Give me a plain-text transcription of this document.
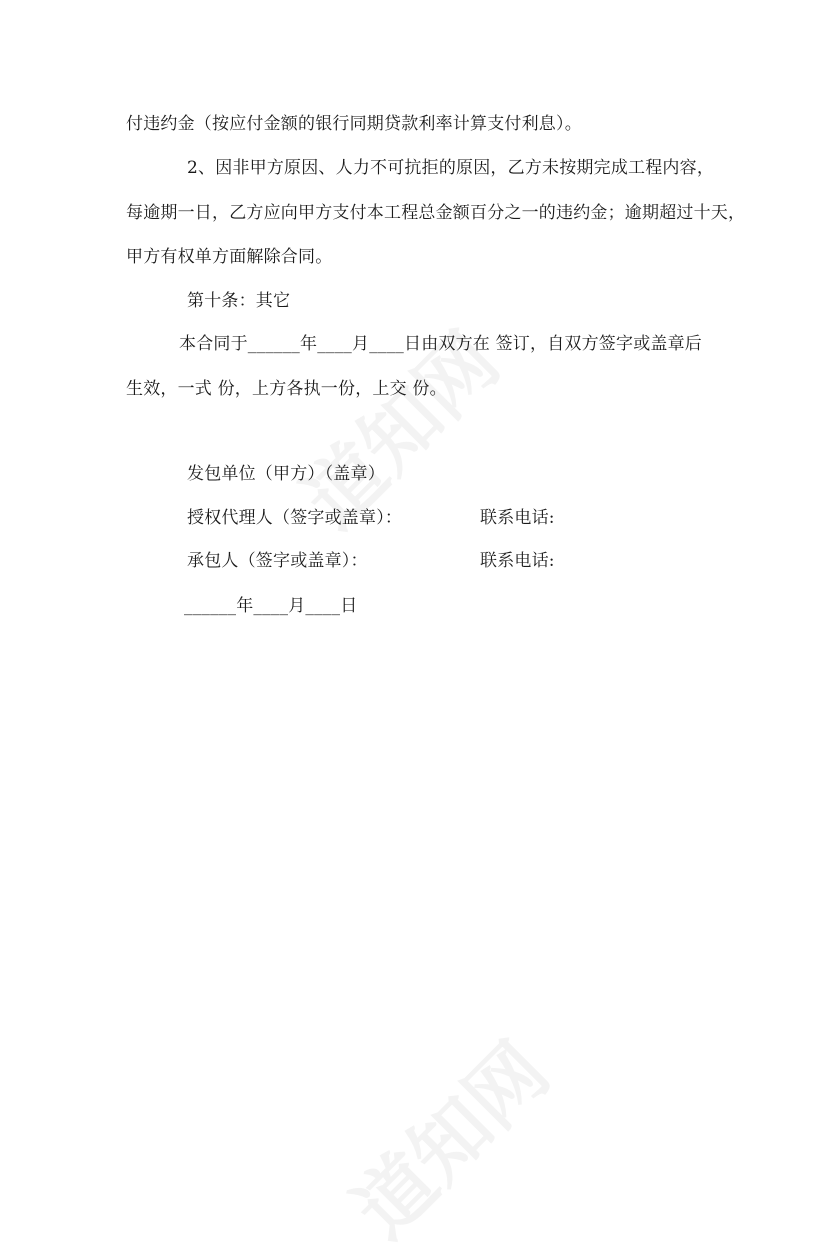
付违约金（按应付金额的银行同期贷款利率计算支付利息）。
2、因非甲方原因、人力不可抗拒的原因，乙方未按期完成工程内容，
每逾期一日，乙方应向甲方支付本工程总金额百分之一的违约金；逾期超过十天，
甲方有权单方面解除合同。
第十条：其它
本合同于______年____月____日由双方在 签订，自双方签字或盖章后
生效，一式 份，上方各执一份，上交 份。
发包单位（甲方）（盖章）
授权代理人（签字或盖章）：	联系电话:
承包人（签字或盖章）：	联系电话:
______年____月____日
